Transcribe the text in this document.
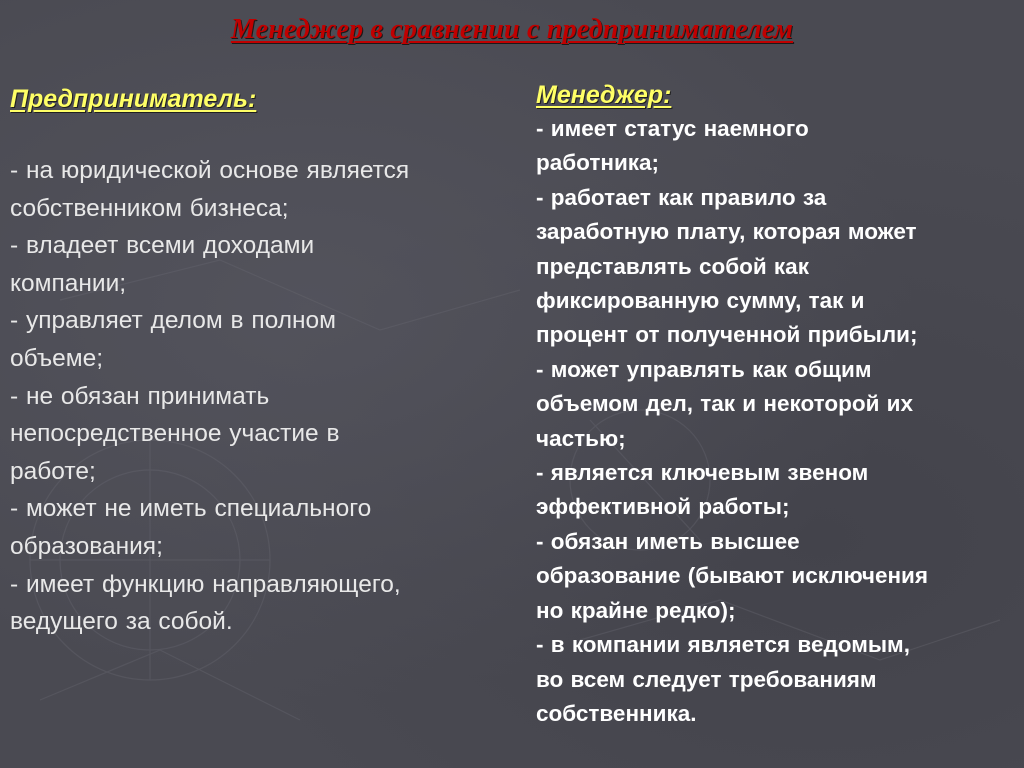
Менеджер в сравнении с предпринимателем
Предприниматель:
- на юридической основе является
собственником бизнеса;
- владеет всеми доходами
компании;
- управляет делом в полном
объеме;
- не обязан принимать
непосредственное участие в
работе;
- может не иметь специального
образования;
- имеет функцию направляющего,
ведущего за собой.
Менеджер:
- имеет статус наемного
работника;
- работает как правило за
заработную плату, которая может
представлять собой как
фиксированную сумму, так и
процент от полученной прибыли;
- может управлять как общим
объемом дел, так и некоторой их
частью;
- является ключевым звеном
эффективной работы;
- обязан иметь высшее
образование (бывают исключения
но крайне редко);
- в компании является ведомым,
во всем следует требованиям
собственника.
